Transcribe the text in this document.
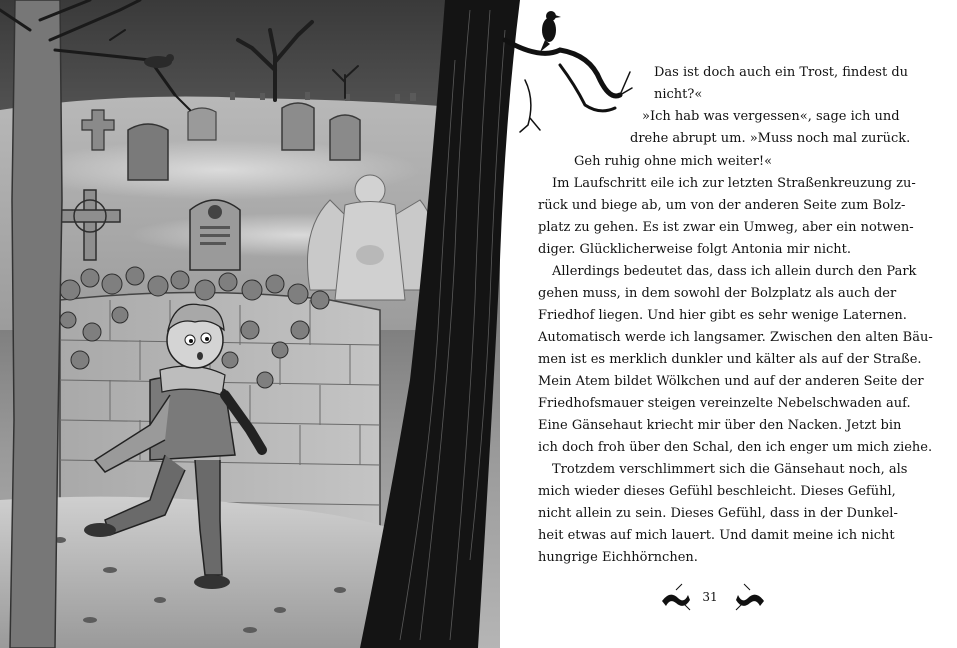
Das ist doch auch ein Trost, findest du
nicht?«
»Ich hab was vergessen«, sage ich und
drehe abrupt um. »Muss noch mal zurück.
Geh ruhig ohne mich weiter!«
Im Laufschritt eile ich zur letzten Straßenkreuzung zu-
rück und biege ab, um von der anderen Seite zum Bolz-
platz zu gehen. Es ist zwar ein Umweg, aber ein notwen-
diger. Glücklicherweise folgt Antonia mir nicht.
Allerdings bedeutet das, dass ich allein durch den Park
gehen muss, in dem sowohl der Bolzplatz als auch der
Friedhof liegen. Und hier gibt es sehr wenige Laternen.
Automatisch werde ich langsamer. Zwischen den alten Bäu-
men ist es merklich dunkler und kälter als auf der Straße.
Mein Atem bildet Wölkchen und auf der anderen Seite der
Friedhofsmauer steigen vereinzelte Nebelschwaden auf.
Eine Gänsehaut kriecht mir über den Nacken. Jetzt bin
ich doch froh über den Schal, den ich enger um mich ziehe.
Trotzdem verschlimmert sich die Gänsehaut noch, als
mich wieder dieses Gefühl beschleicht. Dieses Gefühl,
nicht allein zu sein. Dieses Gefühl, dass in der Dunkel-
heit etwas auf mich lauert. Und damit meine ich nicht
hungrige Eichhörnchen.
31
